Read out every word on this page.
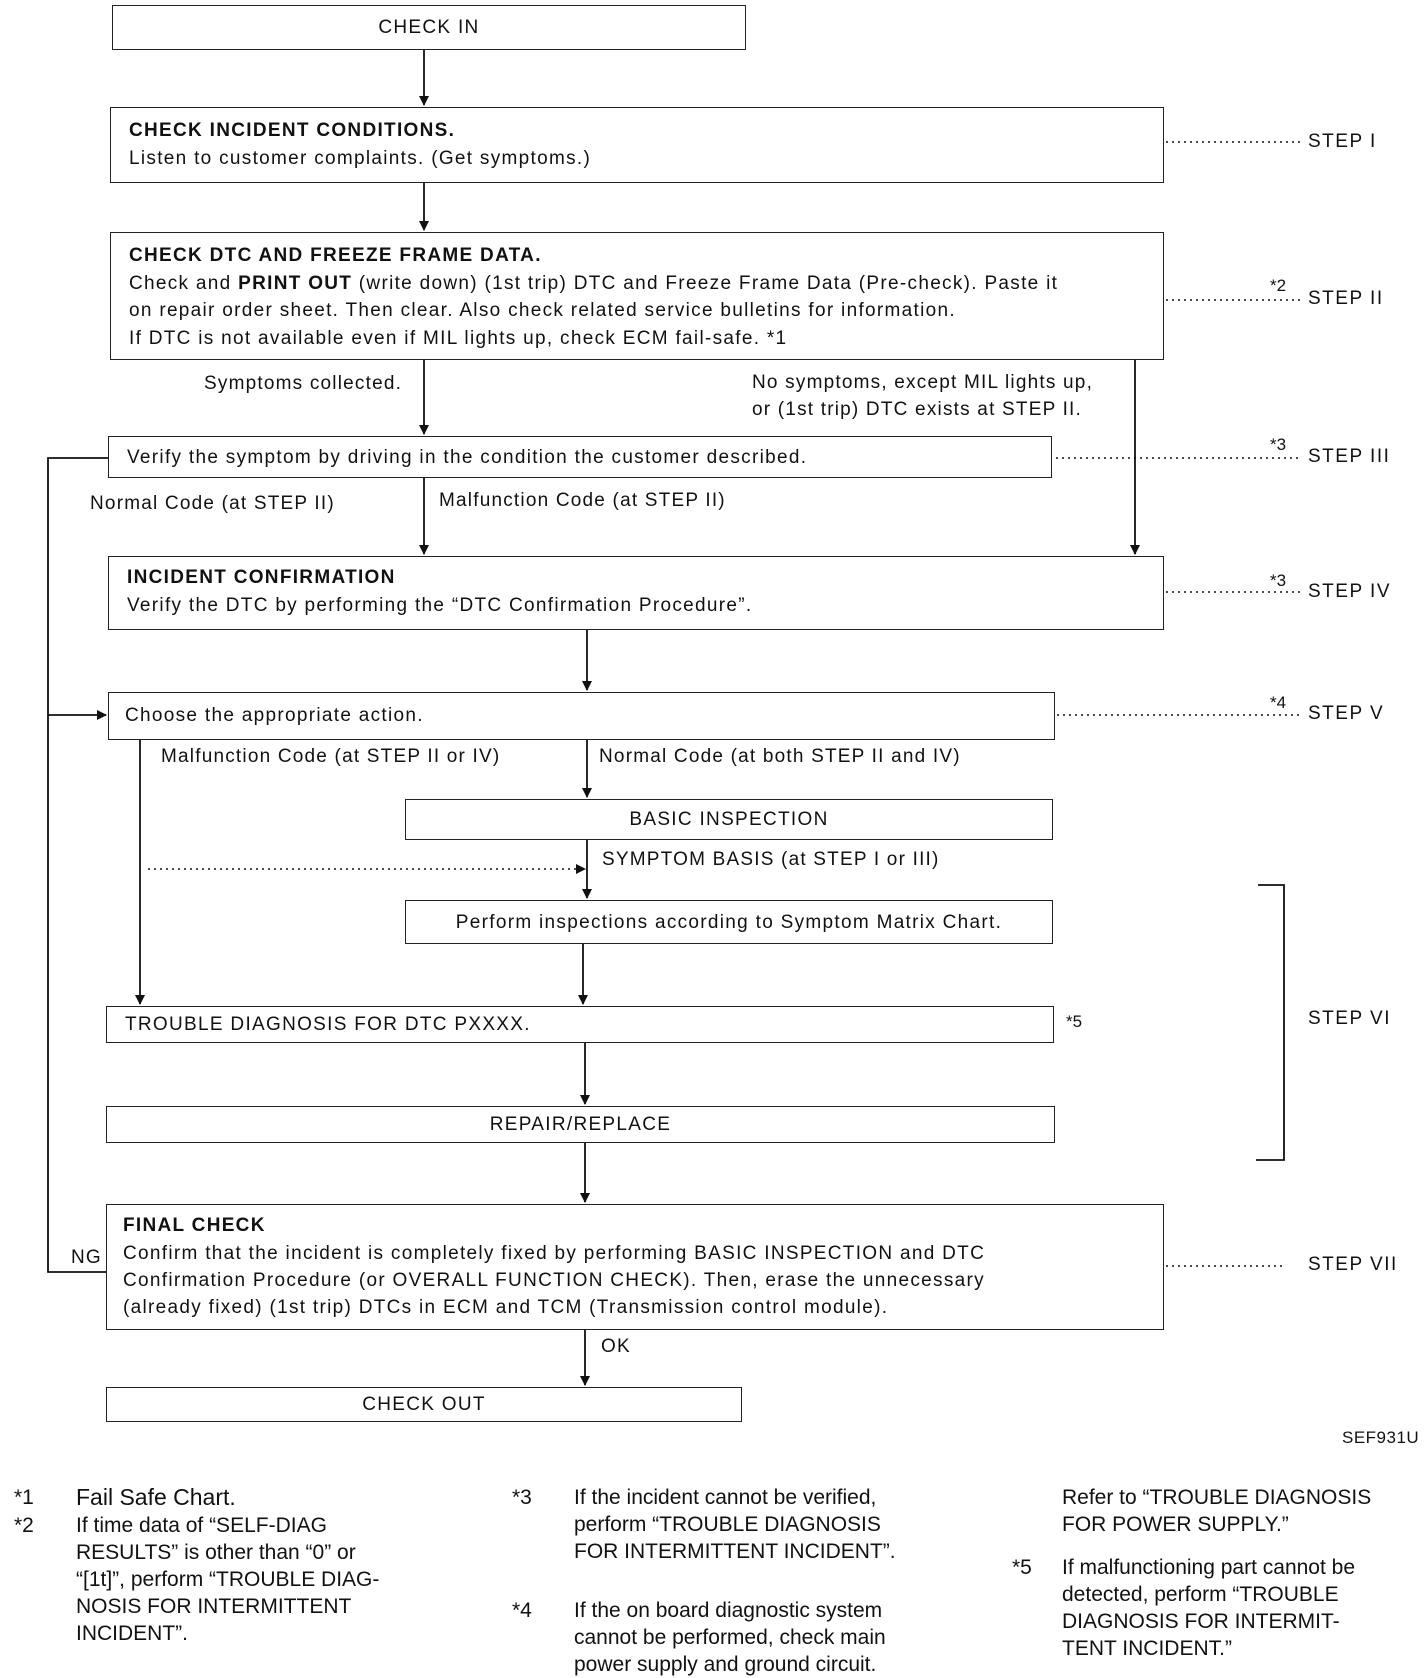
CHECK IN
CHECK INCIDENT CONDITIONS.
Listen to customer complaints. (Get symptoms.)
CHECK DTC AND FREEZE FRAME DATA.
Check and PRINT OUT (write down) (1st trip) DTC and Freeze Frame Data (Pre-check). Paste it
on repair order sheet. Then clear. Also check related service bulletins for information.
If DTC is not available even if MIL lights up, check ECM fail-safe. *1
Verify the symptom by driving in the condition the customer described.
INCIDENT CONFIRMATION
Verify the DTC by performing the “DTC Confirmation Procedure”.
Choose the appropriate action.
BASIC INSPECTION
Perform inspections according to Symptom Matrix Chart.
TROUBLE DIAGNOSIS FOR DTC PXXXX.
REPAIR/REPLACE
FINAL CHECK
Confirm that the incident is completely fixed by performing BASIC INSPECTION and DTC
Confirmation Procedure (or OVERALL FUNCTION CHECK). Then, erase the unnecessary
(already fixed) (1st trip) DTCs in ECM and TCM (Transmission control module).
CHECK OUT
Symptoms collected.	No symptoms, except MIL lights up,
or (1st trip) DTC exists at STEP II.
Normal Code (at STEP II)	Malfunction Code (at STEP II)
Malfunction Code (at STEP II or IV)	Normal Code (at both STEP II and IV)
SYMPTOM BASIS (at STEP I or III)
NG
OK
SEF931U
*2
*3
*3
*4
*5
STEP I
STEP II
STEP III
STEP IV
STEP V
STEP VI
STEP VII
*1 Fail Safe Chart.
*2 If time data of “SELF-DIAG
RESULTS” is other than “0” or
“[1t]”, perform “TROUBLE DIAG-
NOSIS FOR INTERMITTENT
INCIDENT”.
*3 If the incident cannot be verified,
perform “TROUBLE DIAGNOSIS
FOR INTERMITTENT INCIDENT”.
*4 If the on board diagnostic system
cannot be performed, check main
power supply and ground circuit.
Refer to “TROUBLE DIAGNOSIS
FOR POWER SUPPLY.”
*5 If malfunctioning part cannot be
detected, perform “TROUBLE
DIAGNOSIS FOR INTERMIT-
TENT INCIDENT.”
